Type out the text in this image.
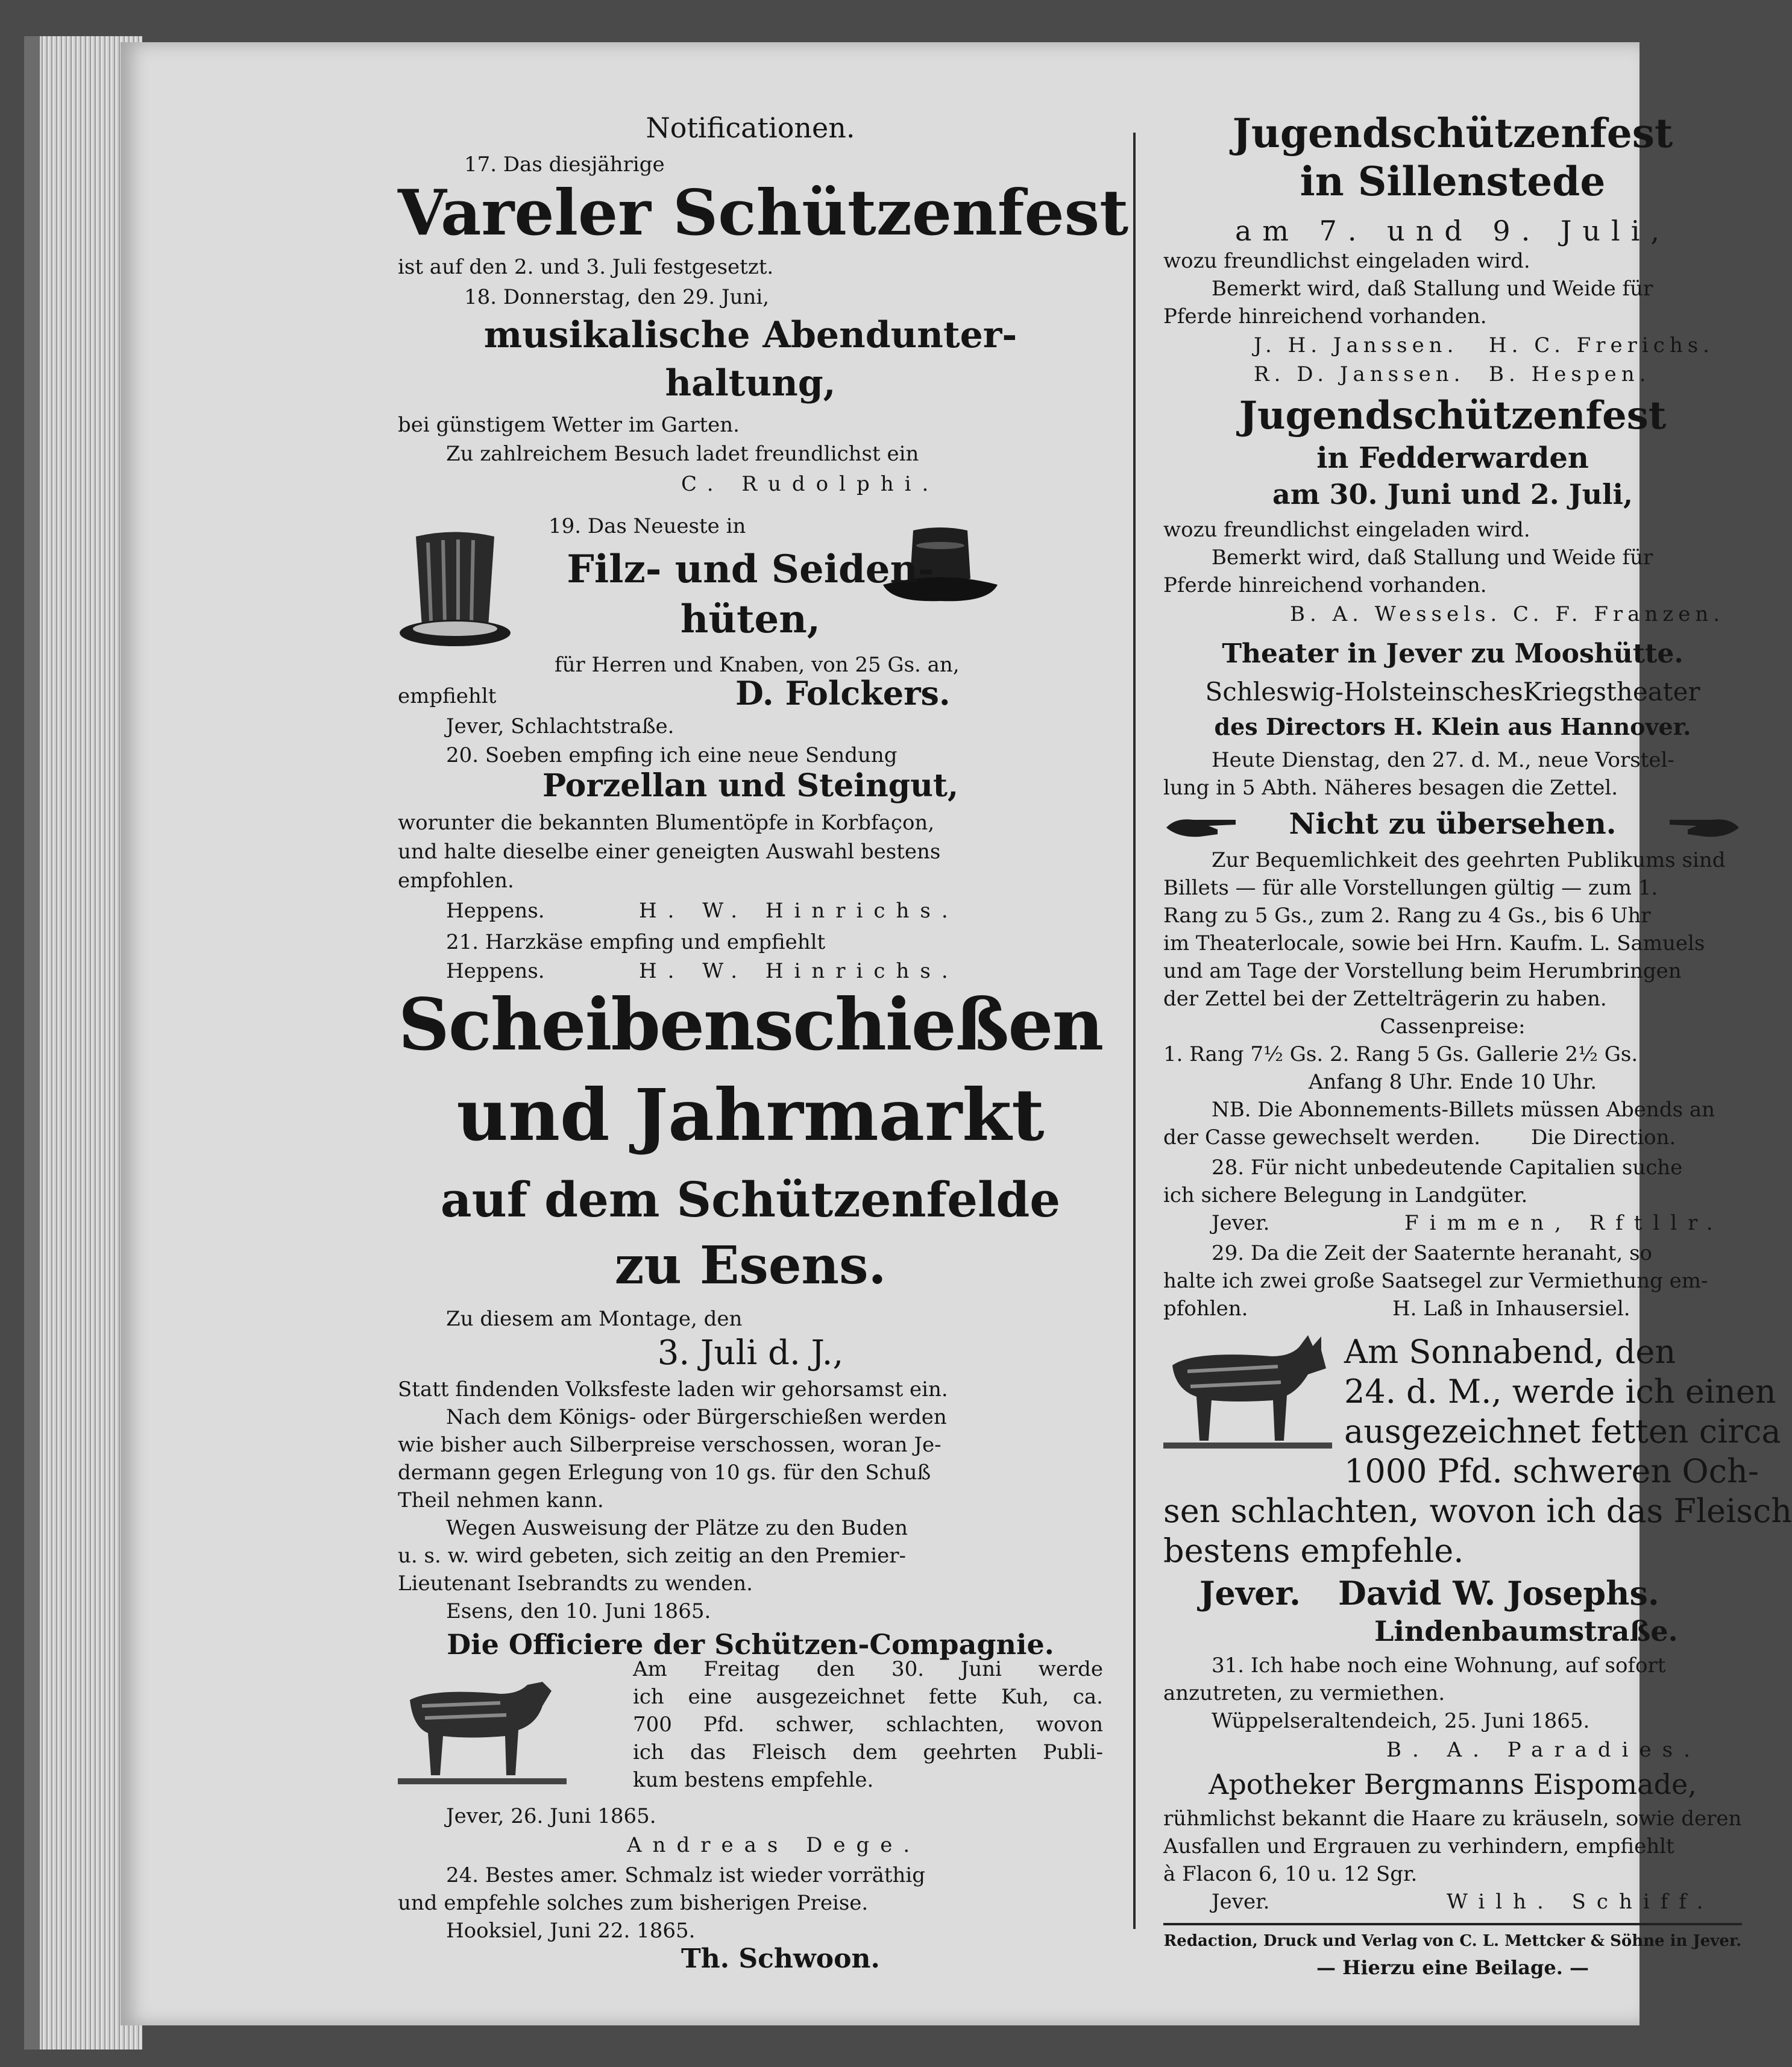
Notificationen.
17. Das diesjährige
Vareler Schützenfest
ist auf den 2. und 3. Juli festgesetzt.
18. Donnerstag, den 29. Juni,
musikalische Abendunter-
haltung,
bei günstigem Wetter im Garten.
Zu zahlreichem Besuch ladet freundlichst ein
C. Rudolphi.
19. Das Neueste in
Filz- und Seiden-
hüten,
für Herren und Knaben, von 25 Gs. an,
empfiehlt	D. Folckers.
Jever, Schlachtstraße.
20. Soeben empfing ich eine neue Sendung
Porzellan und Steingut,
worunter die bekannten Blumentöpfe in Korbfaçon,
und halte dieselbe einer geneigten Auswahl bestens
empfohlen.
Heppens.	H. W. Hinrichs.
21. Harzkäse empfing und empfiehlt
Heppens.	H. W. Hinrichs.
Scheibenschießen
und Jahrmarkt
auf dem Schützenfelde
zu Esens.
Zu diesem am Montage, den
3. Juli d. J.,
Statt findenden Volksfeste laden wir gehorsamst ein.
Nach dem Königs- oder Bürgerschießen werden
wie bisher auch Silberpreise verschossen, woran Je-
dermann gegen Erlegung von 10 gs. für den Schuß
Theil nehmen kann.
Wegen Ausweisung der Plätze zu den Buden
u. s. w. wird gebeten, sich zeitig an den Premier-
Lieutenant Isebrandts zu wenden.
Esens, den 10. Juni 1865.
Die Officiere der Schützen-Compagnie.
Am Freitag den 30. Juni werde
ich eine ausgezeichnet fette Kuh, ca.
700 Pfd. schwer, schlachten, wovon
ich das Fleisch dem geehrten Publi-
kum bestens empfehle.
Jever, 26. Juni 1865.
Andreas Dege.
24. Bestes amer. Schmalz ist wieder vorräthig
und empfehle solches zum bisherigen Preise.
Hooksiel, Juni 22. 1865.
Th. Schwoon.
Jugendschützenfest
in Sillenstede
am 7. und 9. Juli,
wozu freundlichst eingeladen wird.
Bemerkt wird, daß Stallung und Weide für
Pferde hinreichend vorhanden.
J. H. Janssen.	H. C. Frerichs.
R. D. Janssen.	B. Hespen.
Jugendschützenfest
in Fedderwarden
am 30. Juni und 2. Juli,
wozu freundlichst eingeladen wird.
Bemerkt wird, daß Stallung und Weide für
Pferde hinreichend vorhanden.
B. A. Wessels. C. F. Franzen.
Theater in Jever zu Mooshütte.
Schleswig-HolsteinschesKriegstheater
des Directors H. Klein aus Hannover.
Heute Dienstag, den 27. d. M., neue Vorstel-
lung in 5 Abth. Näheres besagen die Zettel.
Nicht zu übersehen.
Zur Bequemlichkeit des geehrten Publikums sind
Billets — für alle Vorstellungen gültig — zum 1.
Rang zu 5 Gs., zum 2. Rang zu 4 Gs., bis 6 Uhr
im Theaterlocale, sowie bei Hrn. Kaufm. L. Samuels
und am Tage der Vorstellung beim Herumbringen
der Zettel bei der Zettelträgerin zu haben.
Cassenpreise:
1. Rang 7½ Gs. 2. Rang 5 Gs. Gallerie 2½ Gs.
Anfang 8 Uhr. Ende 10 Uhr.
NB. Die Abonnements-Billets müssen Abends an
der Casse gewechselt werden.	Die Direction.
28. Für nicht unbedeutende Capitalien suche
ich sichere Belegung in Landgüter.
Jever.	Fimmen, Rftllr.
29. Da die Zeit der Saaternte heranaht, so
halte ich zwei große Saatsegel zur Vermiethung em-
pfohlen.	H. Laß in Inhausersiel.
Am Sonnabend, den
24. d. M., werde ich einen
ausgezeichnet fetten circa
1000 Pfd. schweren Och-
sen schlachten, wovon ich das Fleisch
bestens empfehle.
Jever.	David W. Josephs.
Lindenbaumstraße.
31. Ich habe noch eine Wohnung, auf sofort
anzutreten, zu vermiethen.
Wüppelseraltendeich, 25. Juni 1865.
B. A. Paradies.
Apotheker Bergmanns Eispomade,
rühmlichst bekannt die Haare zu kräuseln, sowie deren
Ausfallen und Ergrauen zu verhindern, empfiehlt
à Flacon 6, 10 u. 12 Sgr.
Jever.	Wilh. Schiff.
Redaction, Druck und Verlag von C. L. Mettcker & Söhne in Jever.
— Hierzu eine Beilage. —
